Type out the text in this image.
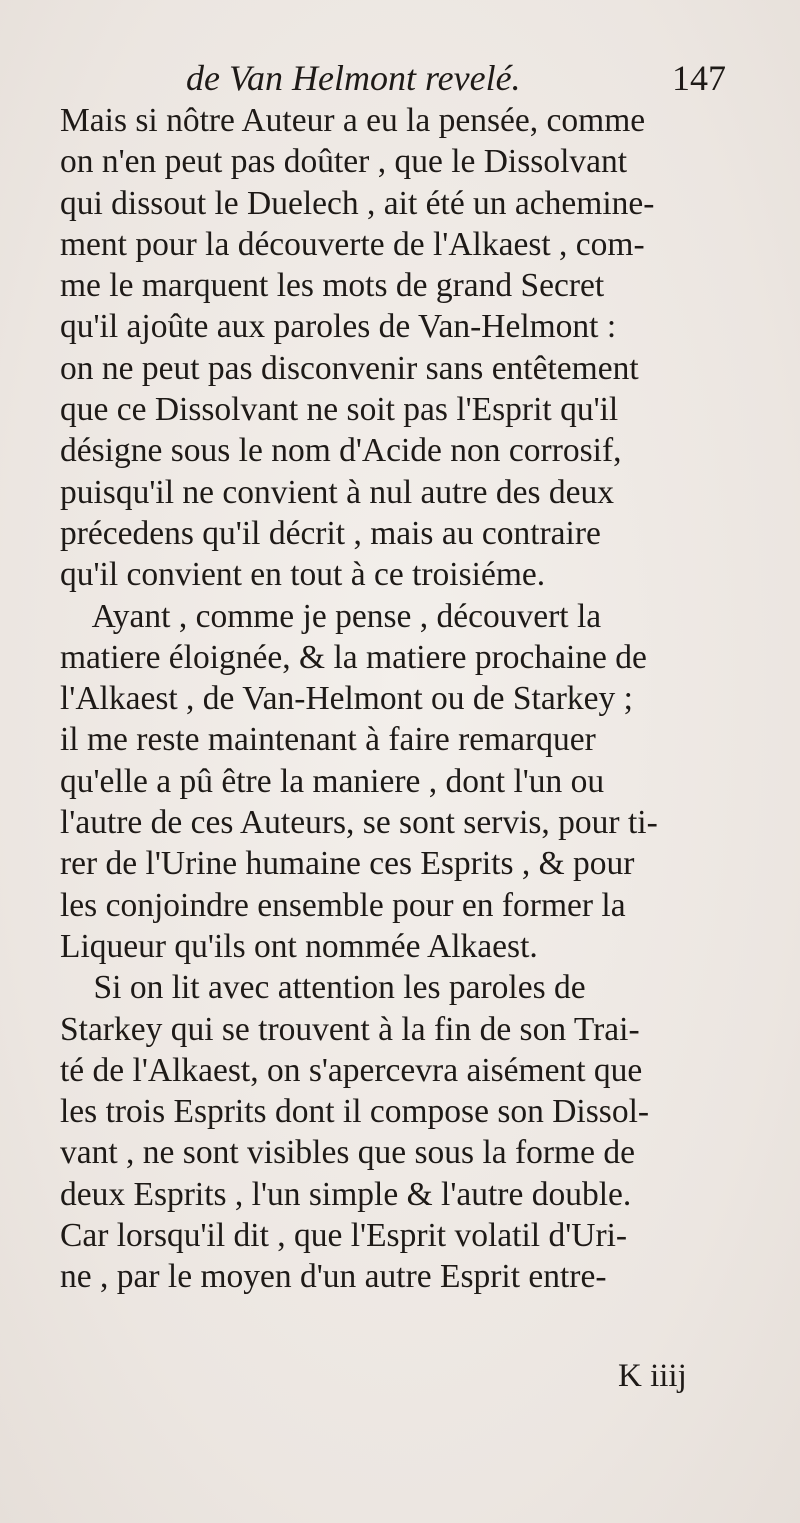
de Van Helmont revelé.	147
Mais si nôtre Auteur a eu la pensée, comme
on n'en peut pas doûter , que le Dissolvant
qui dissout le Duelech , ait été un achemine-
ment pour la découverte de l'Alkaest , com-
me le marquent les mots de grand Secret
qu'il ajoûte aux paroles de Van-Helmont :
on ne peut pas disconvenir sans entêtement
que ce Dissolvant ne soit pas l'Esprit qu'il
désigne sous le nom d'Acide non corrosif,
puisqu'il ne convient à nul autre des deux
précedens qu'il décrit , mais au contraire
qu'il convient en tout à ce troisiéme.
Ayant , comme je pense , découvert la
matiere éloignée, & la matiere prochaine de
l'Alkaest , de Van-Helmont ou de Starkey ;
il me reste maintenant à faire remarquer
qu'elle a pû être la maniere , dont l'un ou
l'autre de ces Auteurs, se sont servis, pour ti-
rer de l'Urine humaine ces Esprits , & pour
les conjoindre ensemble pour en former la
Liqueur qu'ils ont nommée Alkaest.
Si on lit avec attention les paroles de
Starkey qui se trouvent à la fin de son Trai-
té de l'Alkaest, on s'apercevra aisément que
les trois Esprits dont il compose son Dissol-
vant , ne sont visibles que sous la forme de
deux Esprits , l'un simple & l'autre double.
Car lorsqu'il dit , que l'Esprit volatil d'Uri-
ne , par le moyen d'un autre Esprit entre-
K iiij
